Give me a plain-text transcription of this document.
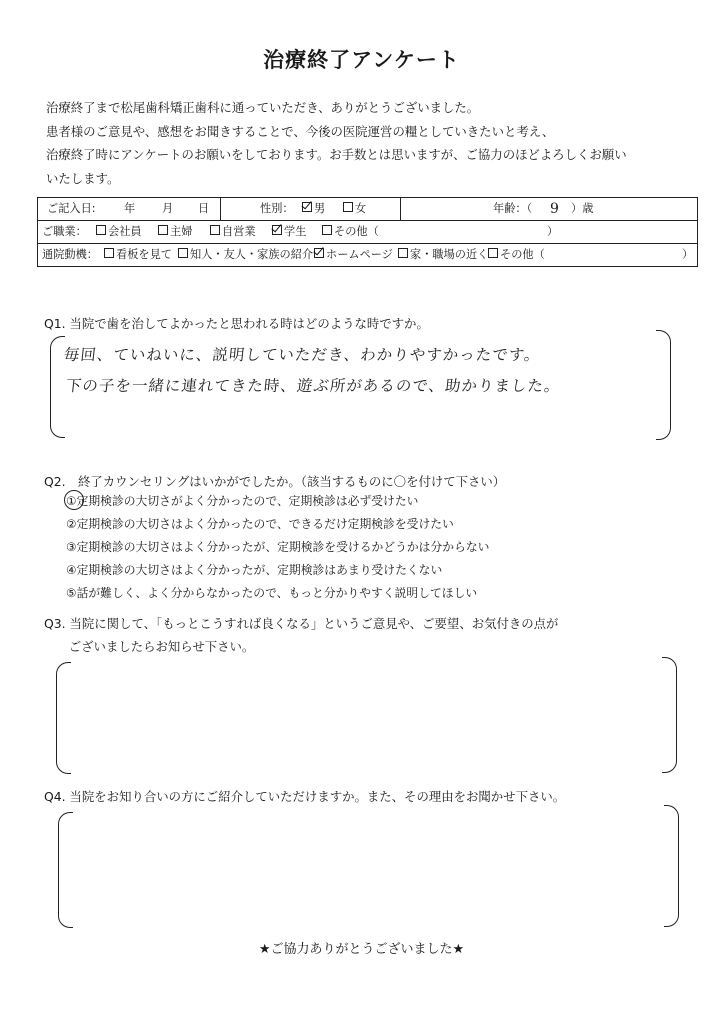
治療終了アンケート
治療終了まで松尾歯科矯正歯科に通っていただき、ありがとうございました。
患者様のご意見や、感想をお聞きすることで、今後の医院運営の糧としていきたいと考え、
治療終了時にアンケートのお願いをしております。お手数とは思いますが、ご協力のほどよろしくお願い
いたします。
ご記入日:	年 月 日	性別：	男	女	年齢：（ 9 ）歳
ご職業：	会社員	主婦	自営業	学生	その他（	）
通院動機：	看板を見て	知人・友人・家族の紹介	ホームページ	家・職場の近く	その他（	）
Q1. 当院で歯を治してよかったと思われる時はどのような時ですか。
毎回、ていねいに、説明していただき、わかりやすかったです。
下の子を一緒に連れてきた時、遊ぶ所があるので、助かりました。
Q2.　終了カウンセリングはいかがでしたか。（該当するものに〇を付けて下さい）
①定期検診の大切さがよく分かったので、定期検診は必ず受けたい
②定期検診の大切さはよく分かったので、できるだけ定期検診を受けたい
③定期検診の大切さはよく分かったが、定期検診を受けるかどうかは分からない
④定期検診の大切さはよく分かったが、定期検診はあまり受けたくない
⑤話が難しく、よく分からなかったので、もっと分かりやすく説明してほしい
Q3. 当院に関して、「もっとこうすれば良くなる」というご意見や、ご要望、お気付きの点が
　　ございましたらお知らせ下さい。
Q4. 当院をお知り合いの方にご紹介していただけますか。また、その理由をお聞かせ下さい。
★ご協力ありがとうございました★
